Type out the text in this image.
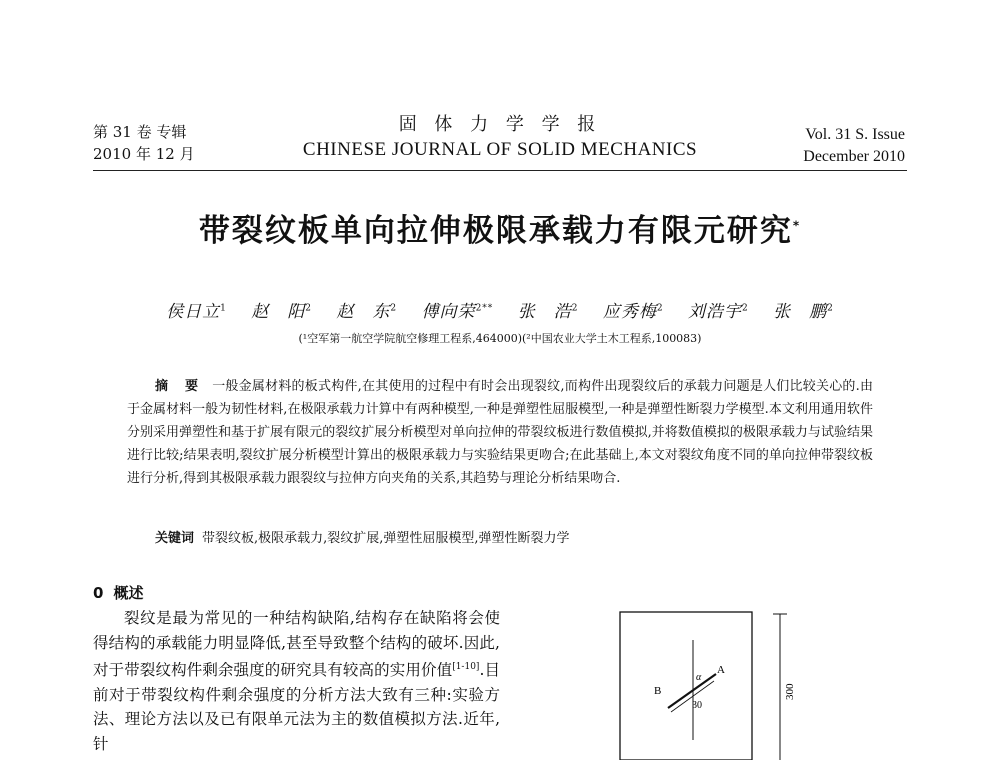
第 31 卷 专辑
2010 年 12 月
固 体 力 学 学 报
CHINESE JOURNAL OF SOLID MECHANICS
Vol. 31 S. Issue
December 2010
带裂纹板单向拉伸极限承载力有限元研究*
侯日立$^1$ 赵　阳$^2$ 赵　东$^2$ 傅向荣$^{2**}$ 张　浩$^2$ 应秀梅$^2$ 刘浩宇$^2$ 张　鹏$^2$
(¹空军第一航空学院航空修理工程系,464000)(²中国农业大学土木工程系,100083)
摘 要 一般金属材料的板式构件,在其使用的过程中有时会出现裂纹,而构件出现裂纹后的承载力问题是人们比较关心的.由于金属材料一般为韧性材料,在极限承载力计算中有两种模型,一种是弹塑性屈服模型,一种是弹塑性断裂力学模型.本文利用通用软件分别采用弹塑性和基于扩展有限元的裂纹扩展分析模型对单向拉伸的带裂纹板进行数值模拟,并将数值模拟的极限承载力与试验结果进行比较;结果表明,裂纹扩展分析模型计算出的极限承载力与实验结果更吻合;在此基础上,本文对裂纹角度不同的单向拉伸带裂纹板进行分析,得到其极限承载力跟裂纹与拉伸方向夹角的关系,其趋势与理论分析结果吻合.
关键词 带裂纹板,极限承载力,裂纹扩展,弹塑性屈服模型,弹塑性断裂力学
0 概述
裂纹是最为常见的一种结构缺陷,结构存在缺陷将会使得结构的承载能力明显降低,甚至导致整个结构的破坏.因此,对于带裂纹构件剩余强度的研究具有较高的实用价值[1-10].目前对于带裂纹构件剩余强度的分析方法大致有三种:实验方法、理论方法以及已有限单元法为主的数值模拟方法.近年,针
A
B
α
30
300
